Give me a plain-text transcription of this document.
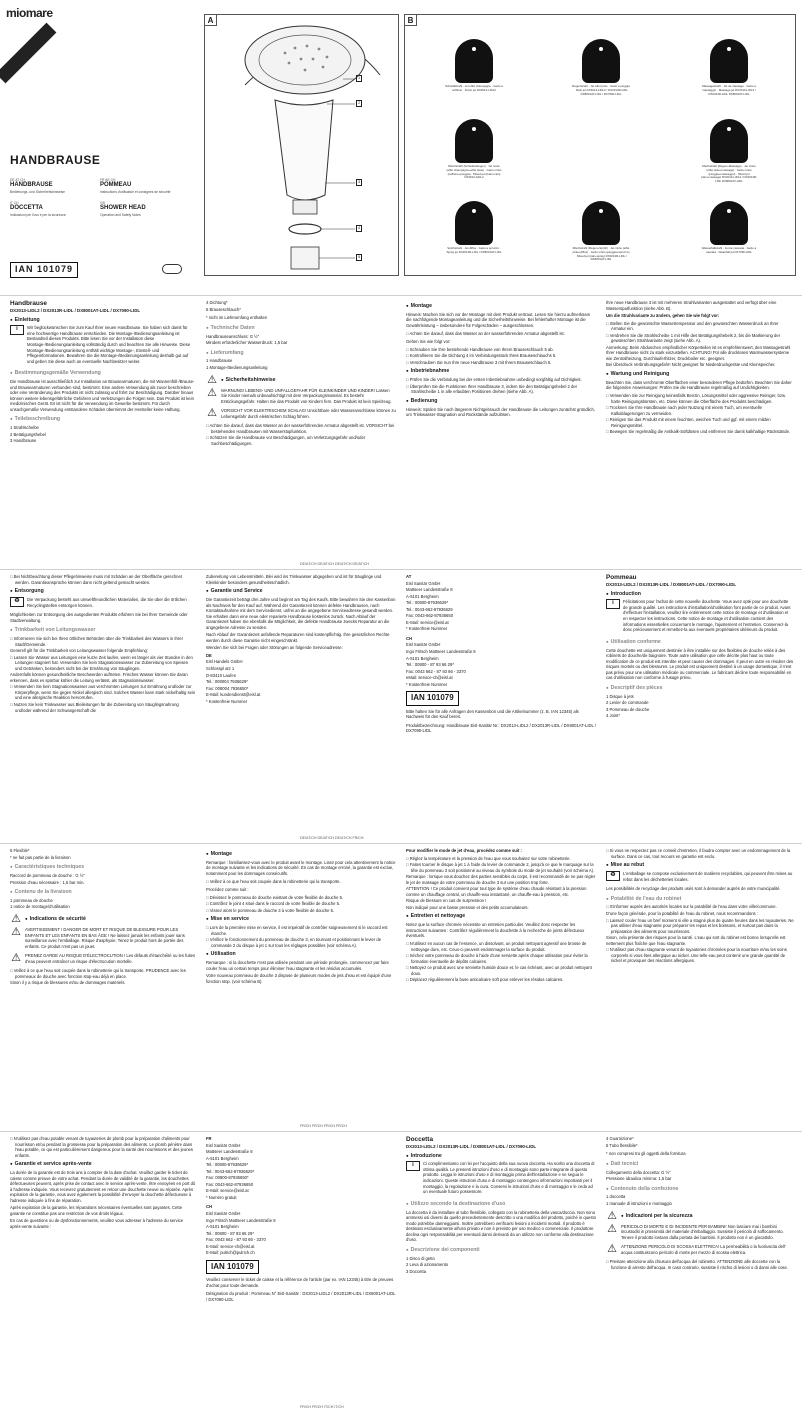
miomare
HANDBRAUSE
DE AT CH
HANDBRAUSE
Bedienungs- und Sicherheitshinweise
FR BE CH
POMMEAU
Instructions d'utilisation et consignes de sécurité
IT CH
DOCCETTA
Indicazioni per l'uso e per la sicurezza
GB
SHOWER HEAD
Operation and Safety Notes
IAN 101079
A
1
2
3
4
5
B
Schwallstrahl · Jet effet champagne · Getto a soffione · Foam jet DX2013-LIDL2
Regenstrahl · Jet effet pluie · Getto a pioggia · Rain jet DX2013-LIDL2 / DX2013R-LIDL DX8001AT-LIDL / DX7090-LIDL
Massagestrahl · Jet de massage · Getto a massaggio · Massage jet DX2013-LIDL2 / DX2013R-LIDL DX8001AT-LIDL
Mischstrahl (Schwall+Regen) · Jet mixte (effet champagne+effet pluie) · Getto misto (soffione+pioggia) · Mixed jet (foam+rain) DX2013-LIDL2
Mischstrahl (Regen+Massage) · Jet mixte (effet pluie+massage) · Getto misto (pioggia+massaggio) · Mixed jet (rain+massage) DX2013-LIDL2 / DX2013R-LIDL DX8001AT-LIDL
Sprühstrahl · Jet diffus · Getto a spruzzo · Spray jet DX2013R-LIDL / DX8001AT-LIDL
Mischstrahl (Regen+Sprüh) · Jet mixte (effet pluie+diffus) · Getto misto (pioggia+spruzzo) · Mixed jet (rain+spray) DX2013R-LIDL / DX8001AT-LIDL
Wasserfallstrahl · Jet de cascade · Getto a cascata · Waterfall jet DX7090-LIDL
Handbrause
DX2013-LIDL2 / DX2013R-LIDL / DX8001AT-LIDL / DX7090-LIDL
● Einleitung
i	Wir beglückwünschen Sie zum Kauf Ihrer neuen Handbrause. Sie haben sich damit für eine hochwertige Handbrause entschieden. Die Montage-/Bedienungsanleitung ist Bestandteil dieses Produkts. Bitte lesen Sie vor der Installation diese Montage-/Bedienungsanleitung vollständig durch und beachten Sie alle Hinweise. Diese Montage-/Bedienungsanleitung enthält wichtige Montage-, Einstell- und Pflegeinformationen. Bewahren Sie die Montage-/Bedienungsanleitung deshalb gut auf und geben Sie diese auch an eventuelle Nachbesitzer weiter.

● Bestimmungsgemäße Verwendung

Die Handbrause ist ausschließlich zur Installation an Brausearmaturen, die mit Wannenfüll-/Brause- und Brausearmaturen verbunden sind, bestimmt. Eine andere Verwendung als zuvor beschrieben oder eine Veränderung des Produkts ist nicht zulässig und führt zur Beschädigung. Darüber hinaus können weitere lebensgefährliche Gefahren und Verletzungen die Folgen sein. Das Produkt ist kein medizinisches Gerät. Es ist nicht für die Verwendung im Gewerbe bestimmt. Für durch unsachgemäße Verwendung entstandene Schäden übernimmt der Hersteller keine Haftung.

● Teilebeschreibung

1 Strahlscheibe

2 Betätigungshebel

3 Handbrause

4 Dichtung*

5 Brauseschlauch*

* nicht im Lieferumfang enthalten

● Technische Daten

Handbrauseanschluss: G ½"

Mindest erforderlicher Wasserdruck: 1,5 bar

● Lieferumfang

1 Handbrause

1 Montage-/Bedienungsanleitung

⚠	● Sicherheitshinweise
⚠ WARNUNG! LEBENS- UND UNFALLGEFAHR FÜR KLEINKINDER UND KINDER! Lassen Sie Kinder niemals unbeaufsichtigt mit dem Verpackungsmaterial. Es besteht Erstickungsgefahr. Halten Sie das Produkt von Kindern fern. Das Produkt ist kein Spielzeug.

⚠ VORSICHT VOR ELEKTRISCHEM SCHLAG! Unsichtbare oder Wasseranschlüsse können zu Lebensgefahr durch elektrischen Schlag führen.

□ Achten Sie darauf, dass das Wasser an der wasserführenden Armatur abgestellt ist. VORSICHT bei bestehenden Handbrausen mit Wasserstopfunktion.

□ Schützen Sie die Handbrause vor Beschädigungen, um Verletzungsgefahr und/oder Sachbeschädigungen.

● Montage

Hinweis: Machen Sie sich vor der Montage mit dem Produkt vertraut. Lesen Sie hierzu aufmerksam die nachfolgende Montageanleitung und die Sicherheitshinweise. Bei fehlerhafter Montage ist die Gewährleistung – insbesondere für Folgeschäden – ausgeschlossen.

□ Achten Sie darauf, dass das Wasser an der wasserführenden Armatur abgestellt ist.

Gehen Sie wie folgt vor:

□ Schrauben Sie Ihre bestehende Handbrause von Ihrem Brauseschlauch 5 ab.

□ Kontrollieren Sie die Dichtung 4 im Verbindungsstück Ihres Brauseschlauchs 5.

□ Verschrauben Sie nun Ihre neue Handbrause 3 mit Ihrem Brauseschlauch 5.

● Inbetriebnahme

□ Prüfen Sie die Verbindung bei der ersten Inbetriebnahme unbedingt sorgfältig auf Dichtigkeit.

□ Überprüfen Sie die Funktionen Ihrer Handbrause 3, indem Sie den Betätigungshebel 2 der Strahlscheibe 1 in alle erlaubten Positionen drehen (siehe Abb. A).

● Bedienung

Hinweis: Spülen Sie nach längerem Nichtgebrauch der Handbrause die Leitungen zunächst gründlich, um Trinkwasser-Stagnation und Rückstände aufzulösen.

Ihre neue Handbrause 3 ist mit mehreren Strahlvarianten ausgestattet und verfügt über eine Wassersparfunktion (siehe Abb. B).

Um die Strahlvariante zu ändern, gehen Sie wie folgt vor:

□ Stellen Sie die gewünschte Wassertemperatur und den gewünschten Wasserdruck an Ihrer Armatur ein.

□ Verdrehen Sie die Strahlscheibe 1 mit Hilfe des Betätigungshebels 2, bis die Markierung der gewünschten Strahlvariante zeigt (siehe Abb. A).

Anmerkung: Beim Abduschen empfindlicher Körperteilen ist es empfehlenswert, den Massagestrahl Ihrer Handbrause nicht zu stark einzustellen. ACHTUNG! Für alle drucklosen Warmwassersysteme wie Zentralheizung, Durchlauferhitzer, Druckboiler etc. geeignet.

Bei Überdruck Verbrühungsgefahr! Nicht geeignet für Niederdruckgeräte und Kleinspeicher.

● Wartung und Reinigung

Beachten Sie, dass verchromte Oberflächen einer besonderen Pflege bedürfen. Beachten Sie daher die folgenden Anweisungen: Prüfen Sie die Handbrause regelmäßig auf Undichtigkeiten.

□ Verwenden Sie zur Reinigung keinesfalls Benzin, Lösungsmittel oder aggressive Reiniger, bzw. harte Reinigungsbürsten, etc. Diese können die Oberfläche des Produkts beschädigen.

□ Trocknen Sie Ihre Handbrause nach jeder Nutzung mit einem Tuch, um eventuelle Kalkablagerungen zu vermeiden.

□ Reinigen Sie das Produkt mit einem feuchten, weichen Tuch und ggf. mit einem milden Reinigungsmittel.

□ Bewegen Sie regelmäßig die Antikalk-Softdüsen und entfernen Sie damit kalkhaltige Rückstände.

DE/AT/CH DE/AT/CH DE/AT/CH DE/AT/CH

□ Bei Nichtbeachtung dieser Pflegehinweise muss mit Schäden an der Oberfläche gerechnet werden. Garantieansprüche können dann nicht geltend gemacht werden.

● Entsorgung
♻	Die Verpackung besteht aus umweltfreundlichen Materialien, die Sie über die örtlichen Recyclingstellen entsorgen können.

Möglichkeiten zur Entsorgung des ausgedienten Produkts erfahren Sie bei Ihrer Gemeinde oder Stadtverwaltung.

● Trinkbarkeit von Leitungswasser

□ Informieren Sie sich bei Ihren örtlichen Behörden über die Trinkbarkeit des Wassers in Ihrer Stadt/Gemeinde.

Generell gilt für die Trinkbarkeit von Leitungswasser folgende Empfehlung:

□ Lassen Sie Wasser aus Leitungen eine kurze Zeit laufen, wenn es länger als vier Stunden in den Leitungen stagniert hat. Verwenden Sie kein Stagnationswasser zur Zubereitung von Speisen und Getränken, besonders nicht bei der Ernährung von Säuglingen.

Andernfalls können gesundheitliche Beschwerden auftreten. Frisches Wasser können Sie daran erkennen, dass es spürbar kühler die Leitung verlässt, als Stagnationswasser.

□ Verwenden Sie kein Stagnationswasser aus verchromten Leitungen zur Ernährung und/oder zur Körperpflege, wenn Sie gegen Nickel allergisch sind. Solches Wasser kann stark nickelhaltig sein und eine allergische Reaktion hervorrufen.

□ Nutzen Sie kein Trinkwasser aus Bleileitungen für die Zubereitung von Säuglingsnahrung und/oder während der Schwangerschaft die

Zubereitung von Lebensmitteln. Blei wird ins Trinkwasser abgegeben und ist für Säuglinge und Kleinkinder besonders gesundheitsschädlich.

● Garantie und Service

Die Garantiezeit beträgt drei Jahre und beginnt am Tag des Kaufs. Bitte bewahren Sie den Kassenbon als Nachweis für den Kauf auf. Während der Garantiezeit können defekte Handbrausen, nach Kontaktaufnahme mit dem Servicedienst, unfrei an die angegebene Serviceadresse gesandt werden. Sie erhalten dann eine neue oder reparierte Handbrause kostenlos zurück. Nach Ablauf der Garantiezeit haben Sie ebenfalls die Möglichkeit, die defekte Handbrause zwecks Reparatur an die angegebene Adresse zu senden.

Nach Ablauf der Garantiezeit anfallende Reparaturen sind kostenpflichtig. Ihre gesetzlichen Rechte werden durch diese Garantie nicht eingeschränkt.

Wenden Sie sich bei Fragen oder Störungen an folgende Serviceadresse:

DE

Eisl Handels GmbH

Schlosspl atz 1

D-83410 Laufen

Tel.: 008004 7936629*

Fax: 008004 7936650*

E-Mail: kundendienst@eisl.at

* Kostenfreie Nummer

AT

Eisl Sanitär GmbH

Mattseer Landesstraße 8

A-5101 Bergheim

Tel.: 00800-87936629*

Tel.: 0043-662-87936629

Fax: 0043-662-87936650

E-Mail: service@eisl.at

* Kostenfreie Nummer

CH

Eisl Sanitär GmbH

Ingo Fritsch Mattseer Landesstraße 8

A-5101 Bergheim

Tel.: 00800 - 87 93 66 29*

Fax: 0043 662 - 87 93 66 - 3370

eMail: service-ch@eisl.at

* Kostenfreie Nummer

IAN 101079

Bitte halten Sie für alle Anfragen den Kassenbon und die Artikelnummer (z. B. IAN 12345) als Nachweis für den Kauf bereit.

Produktbezeichnung: Handbrause Eisl-Sanitär Nr.: DX2013-LIDL2 / DX2013R-LIDL / DX8001AT-LIDL / DX7090-LIDL

Pommeau
DX2013-LIDL2 / DX2013R-LIDL / DX8001AT-LIDL / DX7090-LIDL
● Introduction
i	Félicitations pour l'achat de cette nouvelle douchette. Vous avez opté pour une douchette de grande qualité. Les instructions d'installation/d'utilisation font partie de ce produit. Avant d'effectuer l'installation, veuillez lire entièrement cette notice de montage et d'utilisation et en respecter les instructions. Cette notice de montage et d'utilisation contient des informations essentielles concernant le montage, l'ajustement et l'entretien. Conservez-la donc précieusement et remettez-la aux éventuels propriétaires ultérieurs du produit.

● Utilisation conforme

Cette douchette est uniquement destinée à être installée sur des flexibles de douche reliés à des robinets de douche/de baignoire. Toute autre utilisation que celle décrite plus haut ou toute modification de ce produit est interdite et peut causer des dommages. Il peut en outre en résulter des risques mortels ou des blessures. Le produit est uniquement destiné à un usage domestique, il n'est pas prévu pour une utilisation médicale ou commerciale. Le fabricant décline toute responsabilité en cas d'utilisation non conforme à l'usage prévu.

● Descriptif des pièces

1 Disque à jets

2 Levier de commande

3 Pommeau de douche

4 Joint*

DE/AT/CH DE/AT/CH DE/AT/CH FR/CH

5 Flexible*

* ne fait pas partie de la livraison

● Caractéristiques techniques

Raccord de pommeau de douche : G ½"

Pression d'eau nécessaire : 1,5 bar min.

● Contenu de la livraison

1 pommeau de douche

1 notice de montage/d'utilisation

⚠	● Indications de sécurité
⚠ AVERTISSEMENT ! DANGER DE MORT ET RISQUE DE BLESSURE POUR LES ENFANTS ET LES ENFANTS EN BAS ÂGE ! Ne laissez jamais les enfants jouer sans surveillance avec l'emballage. Risque d'asphyxie. Tenez le produit hors de portée des enfants. Ce produit n'est pas un jouet.

⚠ PRENEZ GARDE AU RISQUE D'ÉLECTROCUTION ! Les défauts d'étanchéité ou les fuites d'eau peuvent entraîner un risque d'électrocution mortelle.

□ Veillez à ce que l'eau soit coupée dans la robinetterie qui la transporte. PRUDENCE avec les pommeaux de douche avec fonction stop-eau déjà en place.

Sinon il y a risque de blessures et/ou de dommages matériels.

● Montage

Remarque : familiarisez-vous avec le produit avant le montage. Lisez pour cela attentivement la notice de montage suivante et les indications de sécurité. En cas de montage erroné, la garantie est exclue, notamment pour les dommages consécutifs.

□ Veillez à ce que l'eau soit coupée dans la robinetterie qui la transporte.

Procédez comme suit :

□ Dévissez le pommeau de douche existant de votre flexible de douche 5.

□ Contrôlez le joint 4 situé dans le raccord de votre flexible de douche 5.

□ Vissez alors le pommeau de douche 3 à votre flexible de douche 5.

● Mise en service

□ Lors de la première mise en service, il est impératif de contrôler soigneusement si le raccord est étanche.

□ Vérifiez le fonctionnement du pommeau de douche 3, en tournant et positionnant le levier de commande 2 du disque à jet 1 sur tous les réglages possibles (voir schéma A).

● Utilisation

Remarque : si la douchette n'est pas utilisée pendant une période prolongée, commencez par faire couler l'eau un certain temps pour éliminer l'eau stagnante et les résidus accumulés.

Votre nouveau pommeau de douche 3 dispose de plusieurs modes de jets d'eau et est équipé d'une fonction stop. (voir schéma B).

Pour modifier le mode de jet d'eau, procédez comme suit :

□ Réglez la température et la pression de l'eau que vous souhaitez sur votre robinetterie.

□ Faites tourner le disque à jet 1 à l'aide du levier de commande 2, jusqu'à ce que le marquage sur la tête du pommeau 3 soit positionné au niveau du symbole du mode de jet souhaité (voir schéma A).

Remarque : lorsque vous douchez des parties sensibles du corps, il est recommandé de ne pas régler le jet de massage de votre pommeau de douche 3 sur une position trop forte.

ATTENTION ! Ce produit convient pour tout type de système d'eau chaude résistant à la pression comme un chauffage central, un chauffe-eau instantané, un chauffe-eau à pression, etc.

Risque de blessure en cas de surpression !

Non indiqué pour une basse pression et des petits accumulateurs.

● Entretien et nettoyage

Notez que la surface chromée nécessite un entretien particulier. Veuillez donc respecter les instructions suivantes : Contrôlez régulièrement la douchette à la recherche de joints défectueux éventuels.

□ N'utilisez en aucun cas de l'essence, un dissolvant, un produit nettoyant agressif une brosse de nettoyage dure, etc. Ceux-ci peuvent endommager la surface du produit.

□ Séchez votre pommeau de douche à l'aide d'une serviette après chaque utilisation pour éviter la formation éventuelle de dépôts calcaires.

□ Nettoyez ce produit avec une serviette humide douce et, le cas échéant, avec un produit nettoyant doux.

□ Déplacez régulièrement la buse anticalcaire soft pour enlever les résidus calcaires.

□ Si vous ne respectez pas ce conseil d'entretien, il faudra compter avec un endommagement de la surface. Dans ce cas, tout recours en garantie est exclu.

● Mise au rebut
♻	L'emballage se compose exclusivement de matières recyclables, qui peuvent être mises au rebut dans les déchetteries locales.

Les possibilités de recyclage des produits usés sont à demander auprès de votre municipalité.

● Potabilité de l'eau du robinet

□ S'informer auprès des autorités locales sur la potabilité de l'eau dans votre ville/commune.

D'une façon générale, pour la potabilité de l'eau du robinet, nous recommandons :

□ Laissez couler l'eau un bref moment si elle a stagné plus de quatre heures dans les tuyauteries. Ne pas utiliser d'eau stagnante pour préparer les repas et les boissons, et surtout pas dans la préparation des aliments pour nourrissons.

Sinon, cela présente des risques pour la santé. L'eau qui sort du robinet est bonne lorsqu'elle est nettement plus fraîche que l'eau stagnante.

□ N'utilisez pas d'eau stagnante venant de tuyauteries chromées pour la nourriture et/ou les soins corporels si vous êtes allergique au nickel. Une telle eau peut contenir une grande quantité de nickel et provoquer des réactions allergiques.

FR/CH FR/CH FR/CH FR/CH

□ N'utilisez pas d'eau potable venant de tuyauteries de plomb pour la préparation d'aliments pour nourrisson et/ou pendant la grossesse pour la préparation des aliments. Le plomb pénètre dans l'eau potable, ce qui est particulièrement dangereux pour la santé des nourrissons et des jeunes enfants.

● Garantie et service après-vente

La durée de la garantie est de trois ans à compter de la date d'achat. Veuillez garder le ticket de caisse comme preuve de votre achat. Pendant la durée de validité de la garantie, les douchettes défectueuses peuvent, après prise de contact avec le service après-vente, être envoyées en port dû à l'adresse indiquée. Vous recevrez gratuitement en retour une douchette neuve ou réparée. Après expiration de la garantie, vous avez également la possibilité d'envoyer la douchette défectueuse à l'adresse indiquée à fins de réparation.

Après expiration de la garantie, les réparations nécessaires éventuelles sont payantes. Cette garantie ne constitue pas une restriction de vos droits légaux.

En cas de questions ou de dysfonctionnements, veuillez vous adresser à l'adresse du service après-vente suivante :

FR

Eisl Sanitär GmbH

Mattseer Landesstraße 8

A-5101 Bergheim

Tel.: 00800-87936629*

Tel.: 0043-662-87936629*

Fax: 00800-87936650*

Fax: 0043-662-87936650

E-Mail: service@eisl.at

* Numéro gratuit

CH

Eisl Sanitär GmbH

Ingo Fritsch Mattseer Landesstraße 8

A-5101 Bergheim

Tel.: 00800 - 87 93 66 29*

Fax: 0043 662 - 87 93 66 - 3370

E-Mail: service-ch@eisl.at

E-Mail: pulrich@pulrich.ch

IAN 101079

Veuillez conserver le ticket de caisse et la référence de l'article (par ex. IAN 12345) à titre de preuves d'achat pour toute demande.

Désignation du produit : Pommeau N° Eisl-Sanitär : DX2013-LIDL2 / DX2013R-LIDL / DX8001AT-LIDL / DX7090-LIDL

Doccetta
DX2013-LIDL2 / DX2013R-LIDL / DX8001AT-LIDL / DX7090-LIDL
● Introduzione
i	Ci complimentiamo con lei per l'acquisto della sua nuova doccetta. Ha scelto una doccetta di ottima qualità. Le presenti istruzioni d'uso e di montaggio sono parte integrante di questo prodotto. Legga le istruzioni d'uso e di montaggio prima dell'installazione e ne segua le indicazioni. Queste istruzioni d'uso e di montaggio contengono informazioni importanti per il montaggio, la regolazione e la cura. Conservi le istruzioni d'uso e di montaggio e le ceda ad un eventuale futuro possessore.

● Utilizzo secondo la destinazione d'uso

La doccetta è da installare al tubo flessibile, collegato con la rubinetteria della vasca/doccia. Non sono ammessi usi diversi da quello precedentemente descritto o una modifica del prodotto, poiché in questo modo potrebbe danneggiarsi. Inoltre potrebbero verificarsi lesioni o incidenti mortali. Il prodotto è destinato esclusivamente all'uso privato e non è previsto per uso medico o commerciale. Il produttore declina ogni responsabilità per eventuali danni derivanti da un utilizzo non conforme alla destinazione d'uso.

● Descrizione dei componenti

1 Disco di getto

2 Leva di azionamento

3 Doccetta

4 Guarnizione*

5 Tubo flessibile*

* non compresi tra gli oggetti della fornitura

● Dati tecnici

Collegamento della doccetta: G ½"

Pressione idraulica minima: 1,5 bar

● Contenuto della confezione

1 doccetta

1 manuale di istruzioni e montaggio

⚠	● Indicazioni per la sicurezza
⚠ PERICOLO DI MORTE E DI INCIDENTE PER BAMBINI! Non lasciare mai i bambini incustoditi in prossimità del materiale d'imballaggio. Sussiste il pericolo di soffocamento. Tenere il prodotto lontano dalla portata dei bambini. Il prodotto non è un giocattolo.

⚠ ATTENZIONE PERICOLO DI SCOSSA ELETTRICA! La permeabilità o la fuoriuscita dell' acqua costituiscono pericolo di morte per mezzo di scossa elettrica.

□ Prestare attenzione alla chiusura dell'acqua del rubinetto. ATTENZIONE alle doccette con la funzione di arresto dell'acqua. In caso contrario, sussiste il rischio di lesioni o di danni alle cose.

FR/CH FR/CH IT/CH IT/CH
